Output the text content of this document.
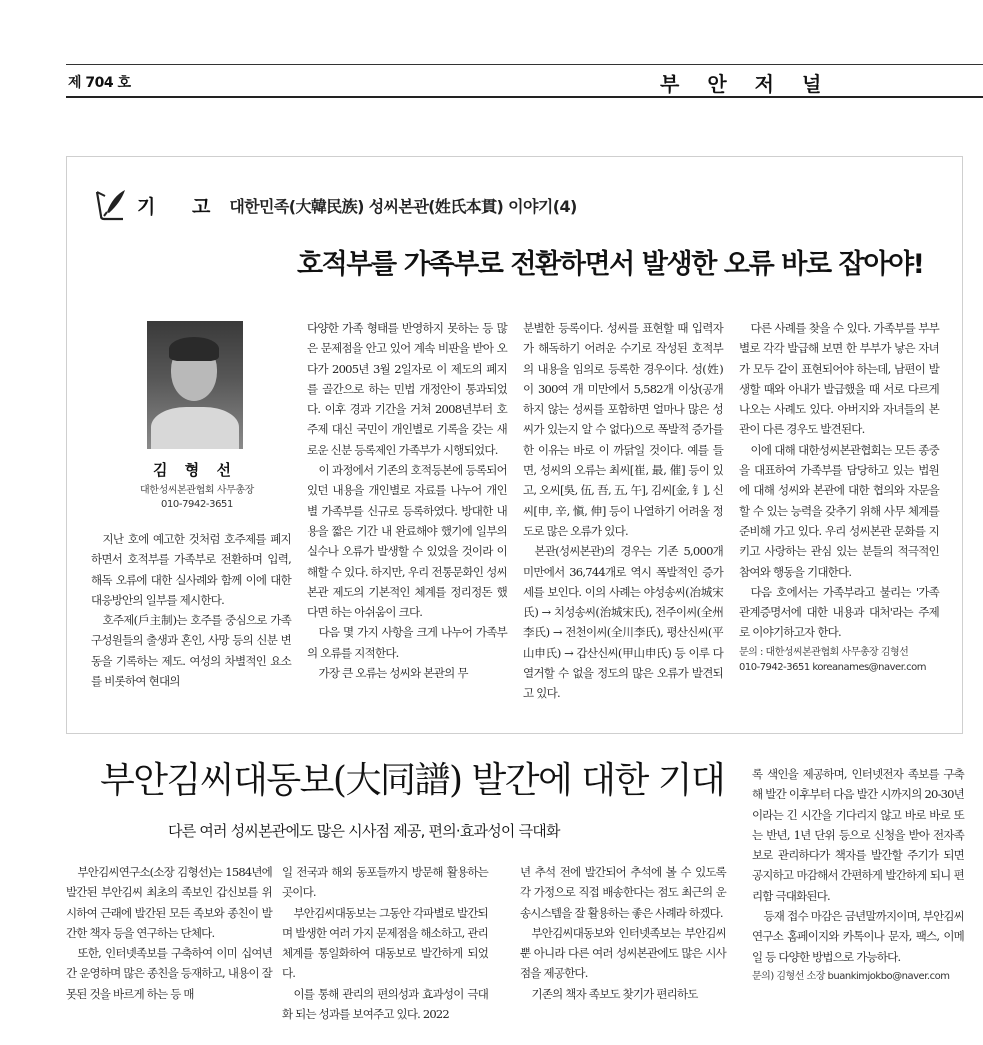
제 704 호	부안저널
기 고 대한민족(大韓民族) 성씨본관(姓氏本貫) 이야기(4)
호적부를 가족부로 전환하면서 발생한 오류 바로 잡아야!
김 형 선
대한성씨본관협회 사무총장
010-7942-3651

지난 호에 예고한 것처럼 호주제를 폐지하면서 호적부를 가족부로 전환하며 입력, 해독 오류에 대한 실사례와 함께 이에 대한 대응방안의 일부를 제시한다.

호주제(戶主制)는 호주를 중심으로 가족 구성원들의 출생과 혼인, 사망 등의 신분 변동을 기록하는 제도. 여성의 차별적인 요소를 비롯하여 현대의

다양한 가족 형태를 반영하지 못하는 등 많은 문제점을 안고 있어 계속 비판을 받아 오다가 2005년 3월 2일자로 이 제도의 폐지를 골간으로 하는 민법 개정안이 통과되었다. 이후 경과 기간을 거쳐 2008년부터 호주제 대신 국민이 개인별로 기록을 갖는 새로운 신분 등록제인 가족부가 시행되었다.

이 과정에서 기존의 호적등본에 등록되어 있던 내용을 개인별로 자료를 나누어 개인별 가족부를 신규로 등록하였다. 방대한 내용을 짧은 기간 내 완료해야 했기에 일부의 실수나 오류가 발생할 수 있었을 것이라 이해할 수 있다. 하지만, 우리 전통문화인 성씨본관 제도의 기본적인 체계를 정리정돈 했다면 하는 아쉬움이 크다.

다음 몇 가지 사항을 크게 나누어 가족부의 오류를 지적한다.

가장 큰 오류는 성씨와 본관의 무

분별한 등록이다. 성씨를 표현할 때 입력자가 해독하기 어려운 수기로 작성된 호적부의 내용을 임의로 등록한 경우이다. 성(姓)이 300여 개 미만에서 5,582개 이상(공개하지 않는 성씨를 포함하면 얼마나 많은 성씨가 있는지 알 수 없다)으로 폭발적 증가를 한 이유는 바로 이 까닭일 것이다. 예를 들면, 성씨의 오류는 최씨[崔, 最, 催] 등이 있고, 오씨[吳, 伍, 吾, 五, 午], 김씨[金, 钅], 신씨[申, 辛, 愼, 伸] 등이 나열하기 어려울 정도로 많은 오류가 있다.

본관(성씨본관)의 경우는 기존 5,000개 미만에서 36,744개로 역시 폭발적인 증가세를 보인다. 이의 사례는 야성송씨(冶城宋氏) → 치성송씨(治城宋氏), 전주이씨(全州李氏) → 전천이씨(全川李氏), 평산신씨(平山申氏) → 갑산신씨(甲山申氏) 등 이루 다 열거할 수 없을 정도의 많은 오류가 발견되고 있다.

다른 사례를 찾을 수 있다. 가족부를 부부별로 각각 발급해 보면 한 부부가 낳은 자녀가 모두 같이 표현되어야 하는데, 남편이 발생할 때와 아내가 발급했을 때 서로 다르게 나오는 사례도 있다. 아버지와 자녀들의 본관이 다른 경우도 발견된다.

이에 대해 대한성씨본관협회는 모든 종중을 대표하여 가족부를 담당하고 있는 법원에 대해 성씨와 본관에 대한 협의와 자문을 할 수 있는 능력을 갖추기 위해 사무 체계를 준비해 가고 있다. 우리 성씨본관 문화를 지키고 사랑하는 관심 있는 분들의 적극적인 참여와 행동을 기대한다.

다음 호에서는 가족부라고 불리는 '가족관계증명서에 대한 내용과 대처'라는 주제로 이야기하고자 한다.

문의 : 대한성씨본관협회 사무총장 김형선
010-7942-3651 koreanames@naver.com
부안김씨대동보(大同譜) 발간에 대한 기대
다른 여러 성씨본관에도 많은 시사점 제공, 편의·효과성이 극대화

부안김씨연구소(소장 김형선)는 1584년에 발간된 부안김씨 최초의 족보인 갑신보를 위시하여 근래에 발간된 모든 족보와 종친이 발간한 책자 등을 연구하는 단체다.

또한, 인터넷족보를 구축하여 이미 십여년간 운영하며 많은 종친을 등재하고, 내용이 잘못된 것을 바르게 하는 등 매

일 전국과 해외 동포들까지 방문해 활용하는 곳이다.

부안김씨대동보는 그동안 각파별로 발간되며 발생한 여러 가지 문제점을 해소하고, 관리체계를 통일화하여 대동보로 발간하게 되었다.

이를 통해 관리의 편의성과 효과성이 극대화 되는 성과를 보여주고 있다. 2022

년 추석 전에 발간되어 추석에 볼 수 있도록 각 가정으로 직접 배송한다는 점도 최근의 운송시스템을 잘 활용하는 좋은 사례라 하겠다.

부안김씨대동보와 인터넷족보는 부안김씨 뿐 아니라 다른 여러 성씨본관에도 많은 시사점을 제공한다.

기존의 책자 족보도 찾기가 편리하도

록 색인을 제공하며, 인터넷전자 족보를 구축해 발간 이후부터 다음 발간 시까지의 20-30년이라는 긴 시간을 기다리지 않고 바로 바로 또는 반년, 1년 단위 등으로 신청을 받아 전자족보로 관리하다가 책자를 발간할 주기가 되면 공지하고 마감해서 간편하게 발간하게 되니 편리함 극대화된다.

등재 접수 마감은 금년말까지이며, 부안김씨연구소 홈페이지와 카톡이나 문자, 팩스, 이메일 등 다양한 방법으로 가능하다.

문의) 김형선 소장 buankimjokbo@naver.com
